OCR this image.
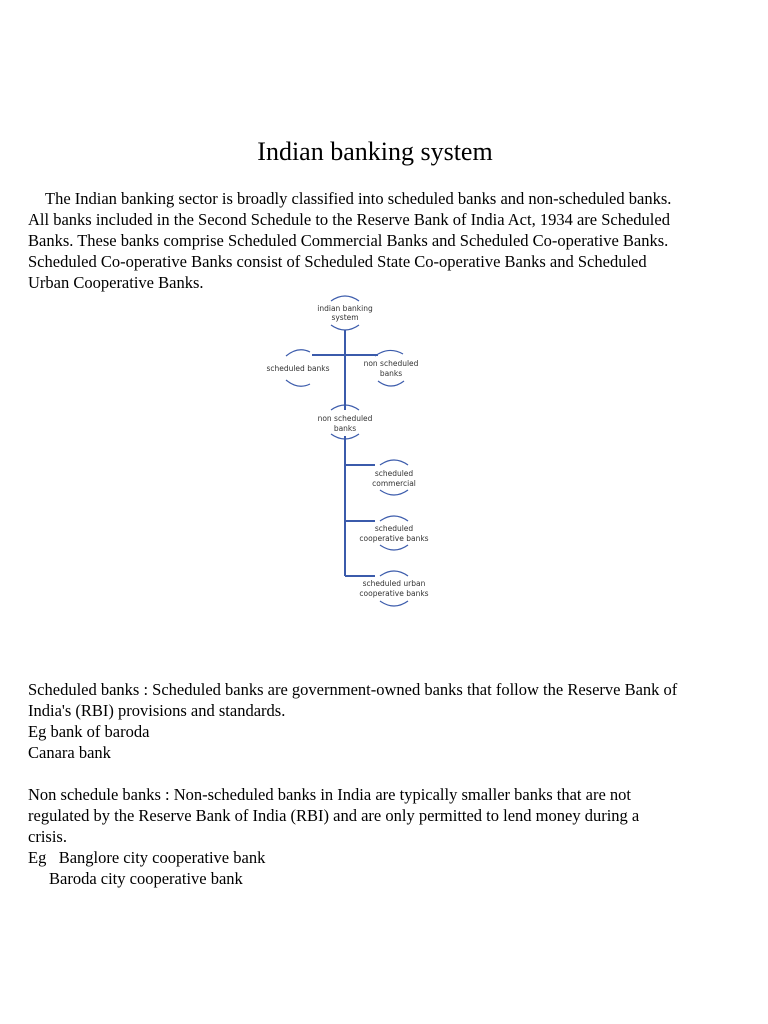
Indian banking system

The Indian banking sector is broadly classified into scheduled banks and non-scheduled banks.
All banks included in the Second Schedule to the Reserve Bank of India Act, 1934 are Scheduled
Banks. These banks comprise Scheduled Commercial Banks and Scheduled Co-operative Banks.
Scheduled Co-operative Banks consist of Scheduled State Co-operative Banks and Scheduled
Urban Cooperative Banks.

indian banking
system
scheduled banks
non scheduled
banks
non scheduled
banks
scheduled
commercial
scheduled
cooperative banks
scheduled urban
cooperative banks

Scheduled banks : Scheduled banks are government-owned banks that follow the Reserve Bank of
India's (RBI) provisions and standards.
Eg bank of baroda
Canara bank

Non schedule banks : Non-scheduled banks in India are typically smaller banks that are not
regulated by the Reserve Bank of India (RBI) and are only permitted to lend money during a
crisis.
Eg   Banglore city cooperative bank
Baroda city cooperative bank
